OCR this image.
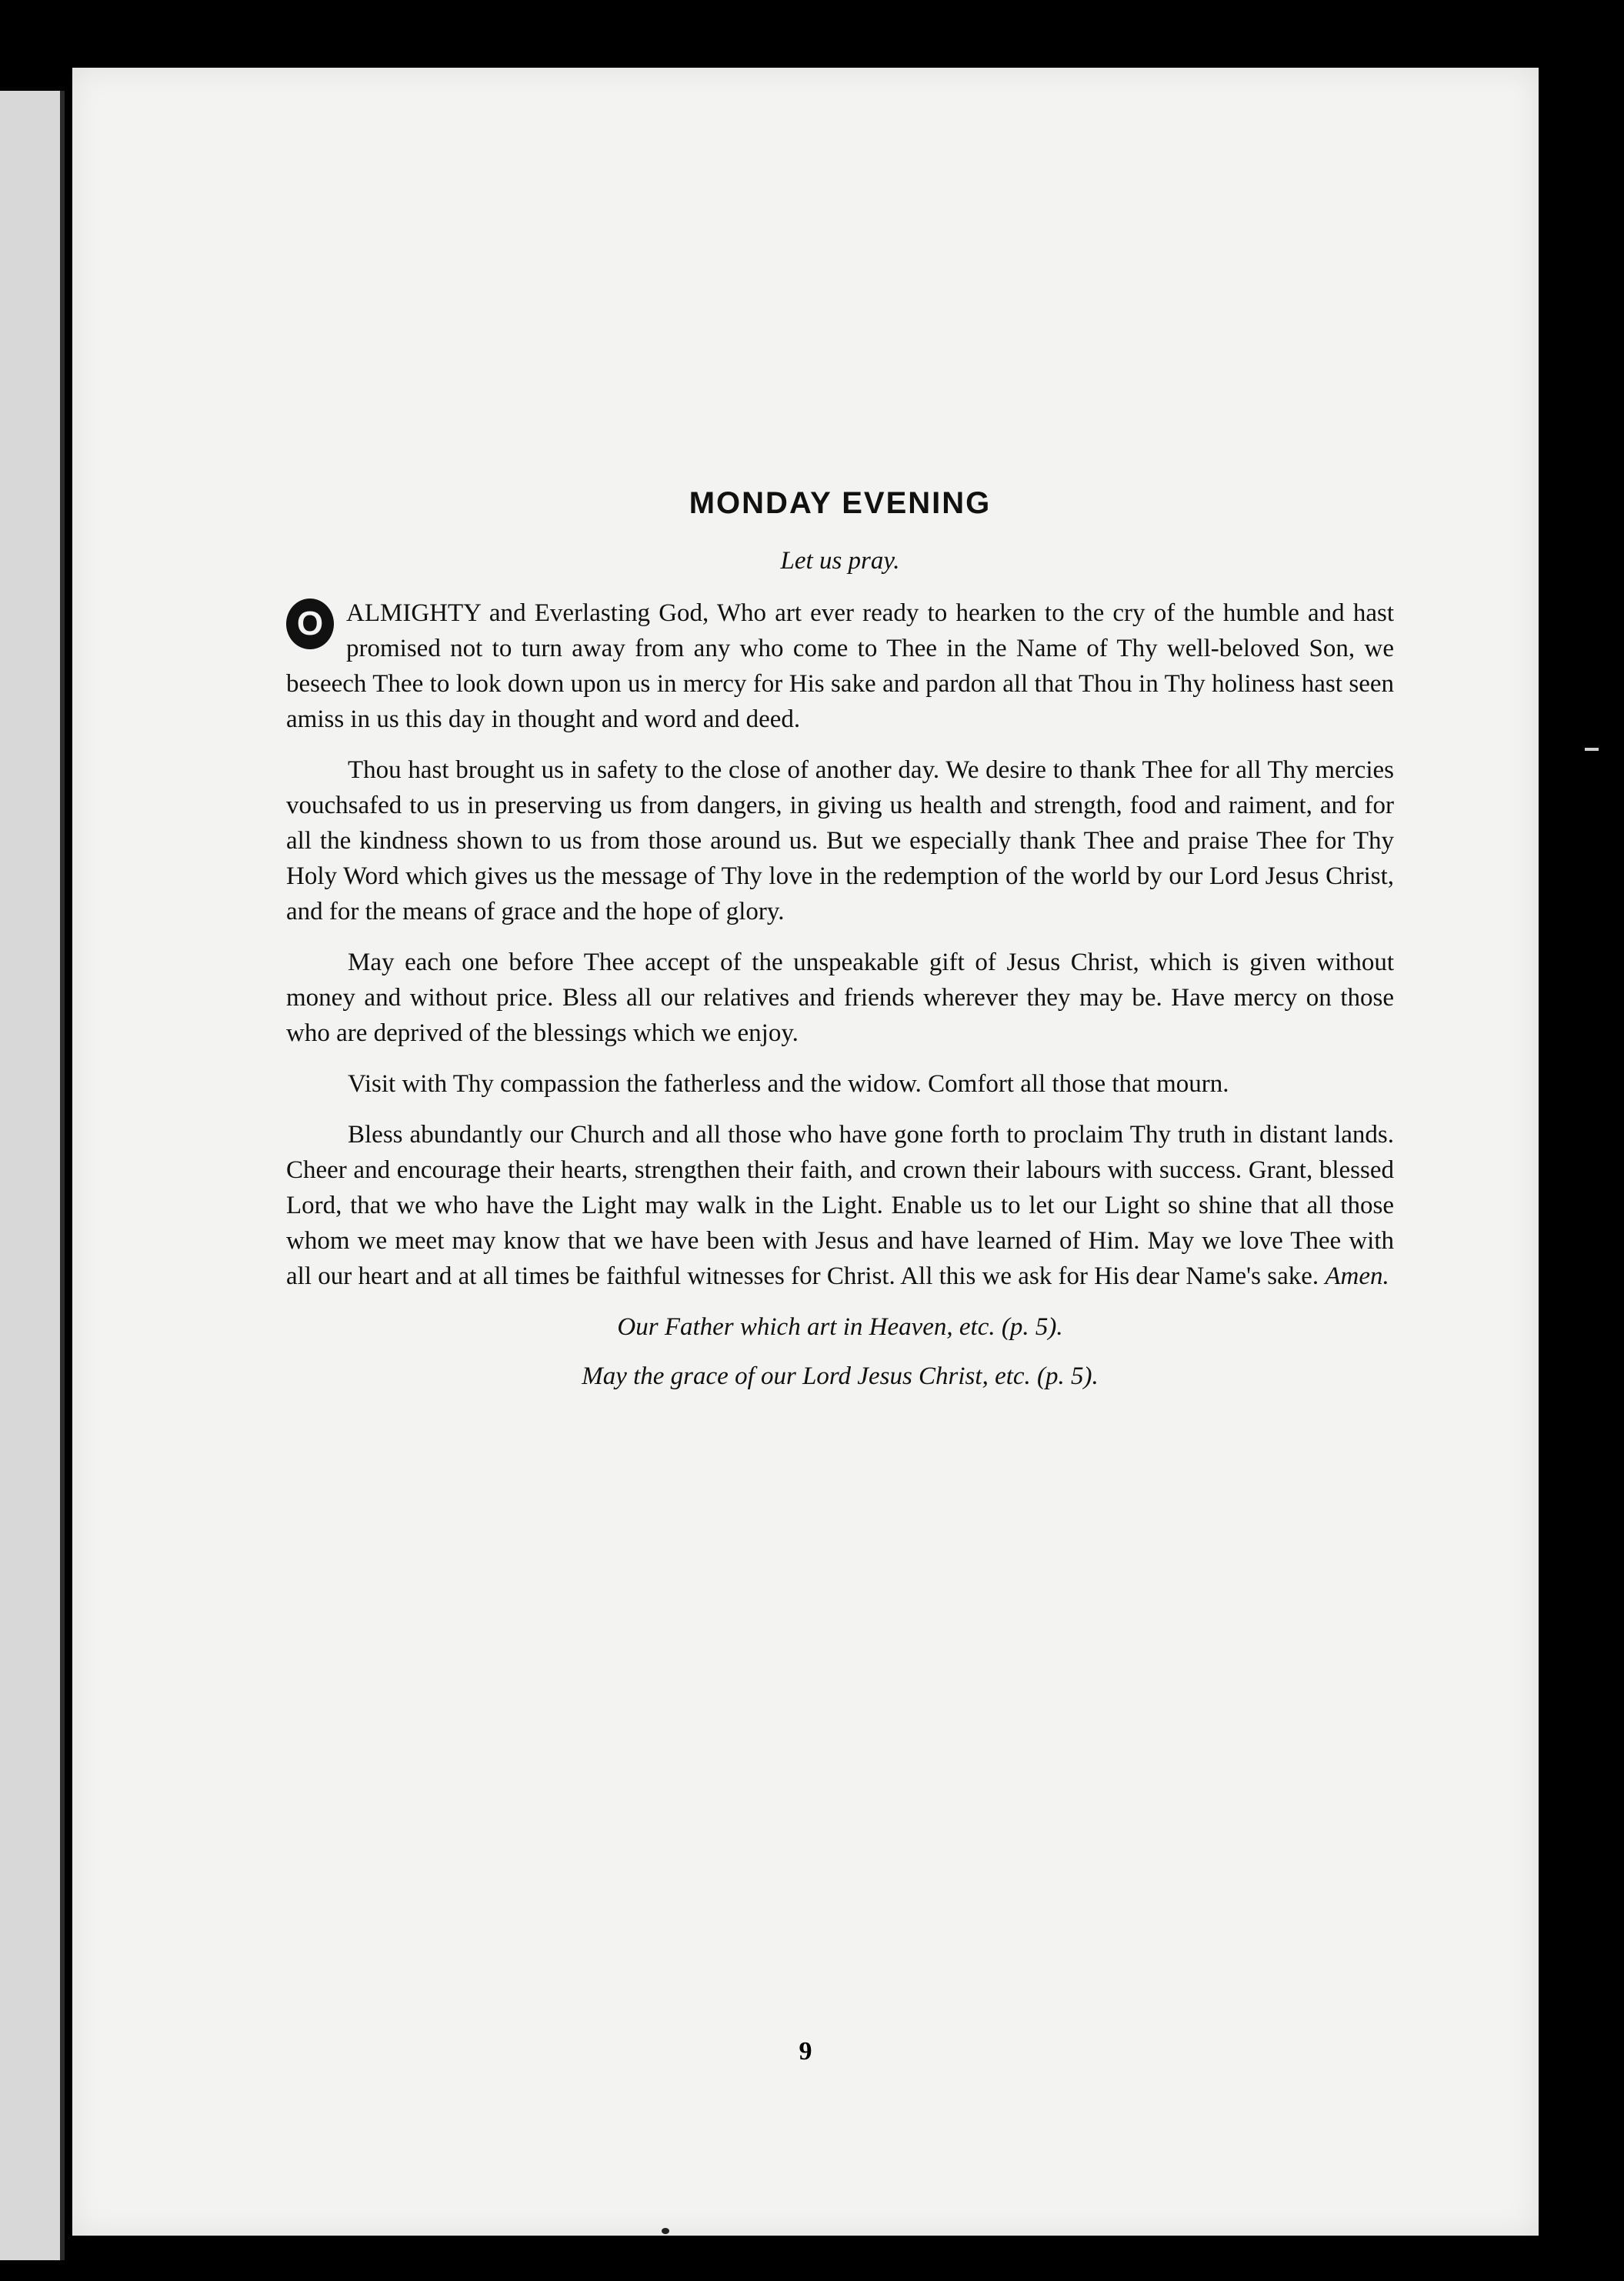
MONDAY EVENING
Let us pray.
O ALMIGHTY and Everlasting God, Who art ever ready to hearken to the cry of the humble and hast promised not to turn away from any who come to Thee in the Name of Thy well-beloved Son, we beseech Thee to look down upon us in mercy for His sake and pardon all that Thou in Thy holiness hast seen amiss in us this day in thought and word and deed.
Thou hast brought us in safety to the close of another day. We desire to thank Thee for all Thy mercies vouchsafed to us in preserving us from dangers, in giving us health and strength, food and raiment, and for all the kindness shown to us from those around us. But we especially thank Thee and praise Thee for Thy Holy Word which gives us the message of Thy love in the redemption of the world by our Lord Jesus Christ, and for the means of grace and the hope of glory.
May each one before Thee accept of the unspeakable gift of Jesus Christ, which is given without money and without price. Bless all our relatives and friends wherever they may be. Have mercy on those who are deprived of the blessings which we enjoy.
Visit with Thy compassion the fatherless and the widow. Comfort all those that mourn.
Bless abundantly our Church and all those who have gone forth to proclaim Thy truth in distant lands. Cheer and encourage their hearts, strengthen their faith, and crown their labours with success. Grant, blessed Lord, that we who have the Light may walk in the Light. Enable us to let our Light so shine that all those whom we meet may know that we have been with Jesus and have learned of Him. May we love Thee with all our heart and at all times be faithful witnesses for Christ. All this we ask for His dear Name's sake. Amen.
Our Father which art in Heaven, etc. (p. 5).
May the grace of our Lord Jesus Christ, etc. (p. 5).
9
